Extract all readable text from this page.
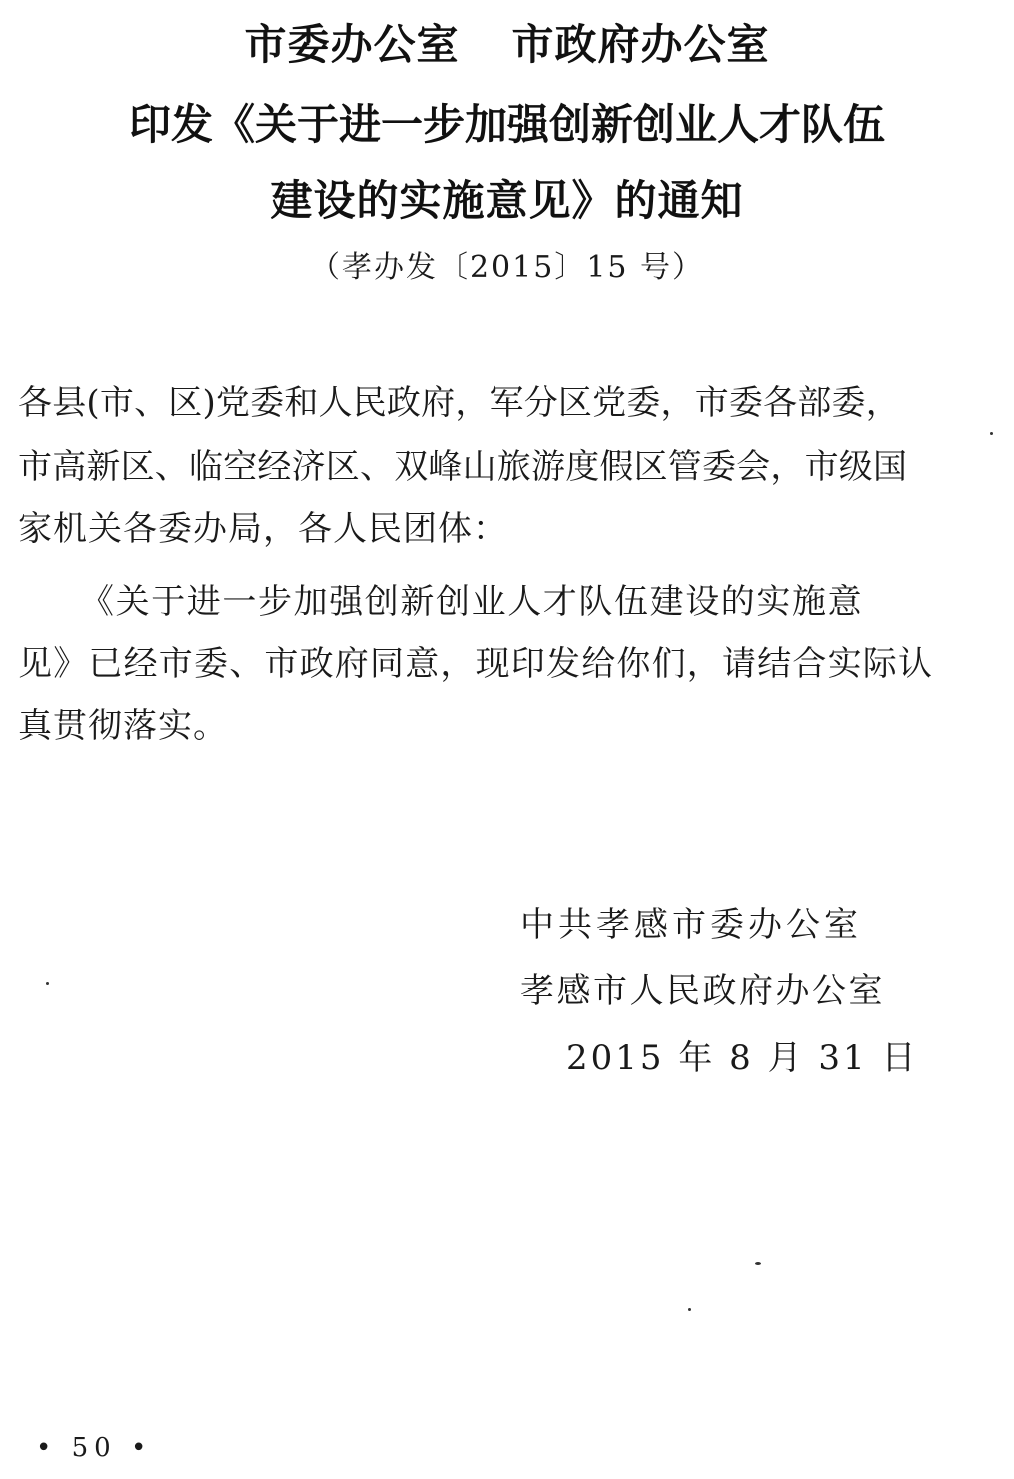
市委办公室 市政府办公室
印发《关于进一步加强创新创业人才队伍
建设的实施意见》的通知
（孝办发〔2015〕15 号）
各县(市、区)党委和人民政府，军分区党委，市委各部委，
市高新区、临空经济区、双峰山旅游度假区管委会，市级国
家机关各委办局，各人民团体：
《关于进一步加强创新创业人才队伍建设的实施意
见》已经市委、市政府同意，现印发给你们，请结合实际认
真贯彻落实。
中共孝感市委办公室
孝感市人民政府办公室
2015 年 8 月 31 日
• 50 •
